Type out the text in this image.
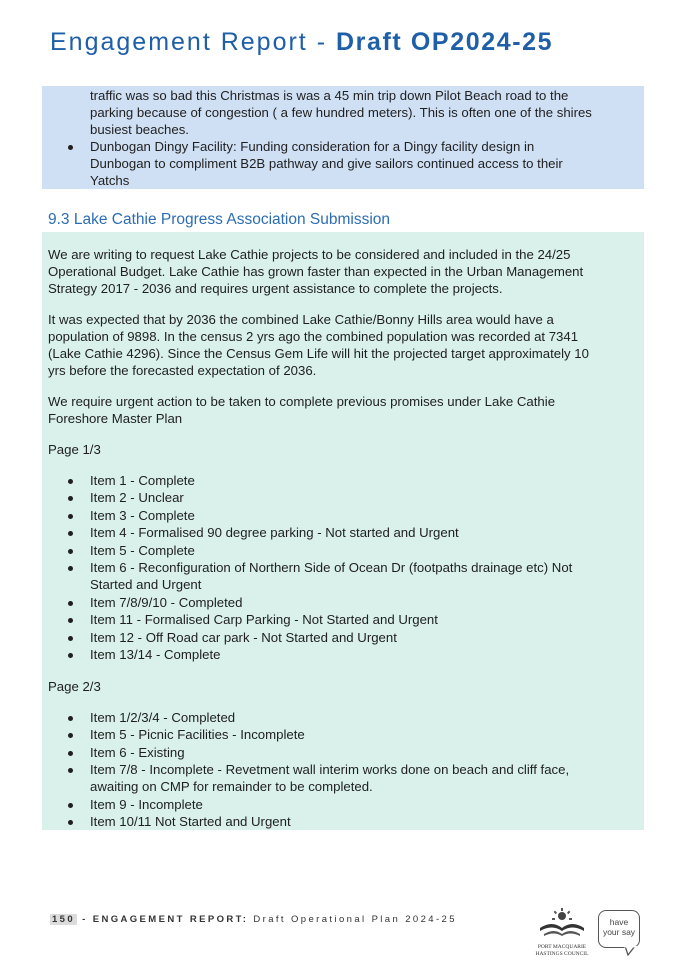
Engagement Report - Draft OP2024-25
traffic was so bad this Christmas is was a 45 min trip down Pilot Beach road to the
parking because of congestion ( a few hundred meters). This is often one of the shires
busiest beaches.
Dunbogan Dingy Facility: Funding consideration for a Dingy facility design in
Dunbogan to compliment B2B pathway and give sailors continued access to their
Yatchs
9.3 Lake Cathie Progress Association Submission
We are writing to request Lake Cathie projects to be considered and included in the 24/25
Operational Budget. Lake Cathie has grown faster than expected in the Urban Management
Strategy 2017 - 2036 and requires urgent assistance to complete the projects.
It was expected that by 2036 the combined Lake Cathie/Bonny Hills area would have a
population of 9898. In the census 2 yrs ago the combined population was recorded at 7341
(Lake Cathie 4296). Since the Census Gem Life will hit the projected target approximately 10
yrs before the forecasted expectation of 2036.
We require urgent action to be taken to complete previous promises under Lake Cathie
Foreshore Master Plan
Page 1/3
Item 1 - Complete
Item 2 - Unclear
Item 3 - Complete
Item 4 - Formalised 90 degree parking - Not started and Urgent
Item 5 - Complete
Item 6 - Reconfiguration of Northern Side of Ocean Dr (footpaths drainage etc) Not
Started and Urgent
Item 7/8/9/10 - Completed
Item 11 - Formalised Carp Parking - Not Started and Urgent
Item 12 - Off Road car park - Not Started and Urgent
Item 13/14 - Complete
Page 2/3
Item 1/2/3/4 - Completed
Item 5 - Picnic Facilities - Incomplete
Item 6 - Existing
Item 7/8 - Incomplete - Revetment wall interim works done on beach and cliff face,
awaiting on CMP for remainder to be completed.
Item 9 - Incomplete
Item 10/11 Not Started and Urgent
150 - ENGAGEMENT REPORT: Draft Operational Plan 2024-25
PORT MACQUARIE
HASTINGS COUNCIL
have
your say
